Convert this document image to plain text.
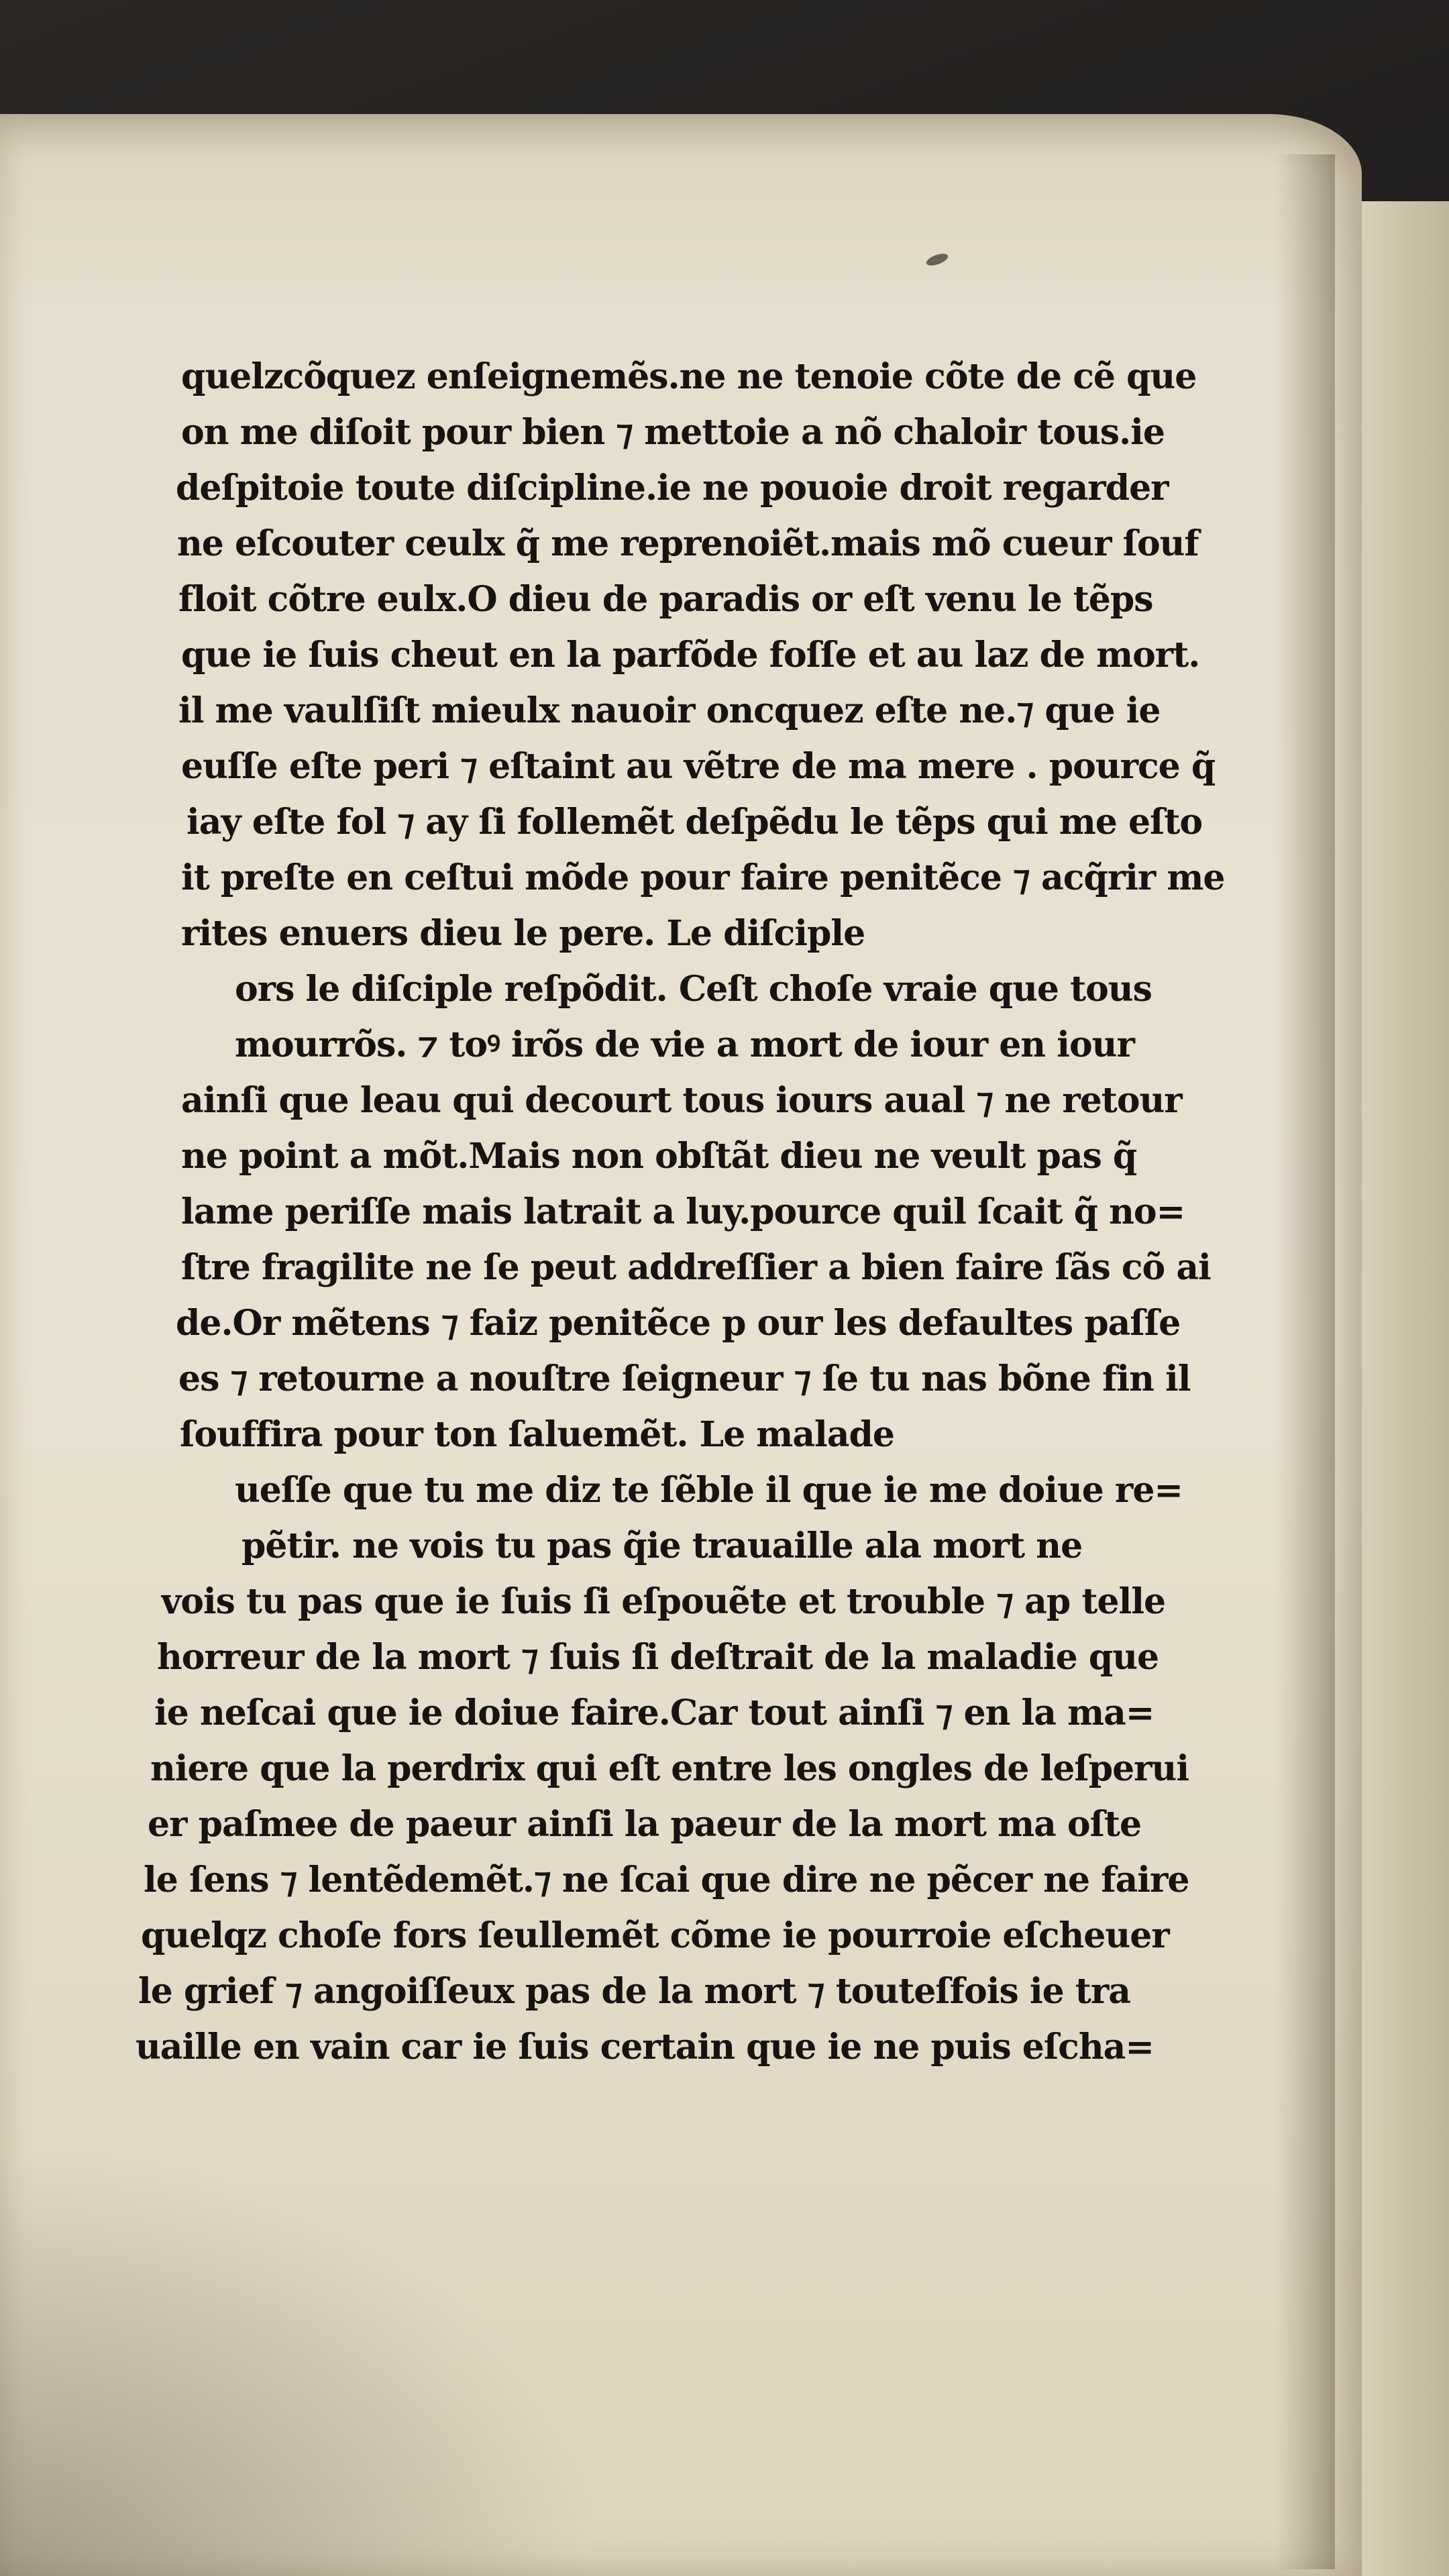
quelzcõquez enſeignemẽs.ne ne tenoie cõte de cẽ que
on me diſoit pour bien ⁊ mettoie a nõ chaloir tous.ie
deſpitoie toute diſcipline.ie ne pouoie droit regarder
ne eſcouter ceulx q̃ me reprenoiẽt.mais mõ cueur ſouf
floit cõtre eulx.O dieu de paradis or eſt venu le tẽps
que ie ſuis cheut en la parfõde foſſe et au laz de mort.
il me vaulſiſt mieulx nauoir oncquez eſte ne.⁊ que ie
euſſe eſte peri ⁊ eſtaint au vẽtre de ma mere . pource q̃
iay eſte fol ⁊ ay ſi follemẽt deſpẽdu le tẽps qui me eſto
it preſte en ceſtui mõde pour faire penitẽce ⁊ acq̃rir me
rites enuers dieu le pere. Le diſciple
ors le diſciple reſpõdit. Ceſt choſe vraie que tous
mourrõs. ⁊ toꝰ irõs de vie a mort de iour en iour
ainſi que leau qui decourt tous iours aual ⁊ ne retour
ne point a mõt.Mais non obſtãt dieu ne veult pas q̃
lame periſſe mais latrait a luy.pource quil ſcait q̃ no=
ſtre fragilite ne ſe peut addreſſier a bien faire ſãs cõ ai
de.Or mẽtens ⁊ faiz penitẽce p our les defaultes paſſe
es ⁊ retourne a nouſtre ſeigneur ⁊ ſe tu nas bõne fin il
ſouffira pour ton ſaluemẽt. Le malade
ueſſe que tu me diz te ſẽble il que ie me doiue re=
pẽtir. ne vois tu pas q̃ie trauaille ala mort ne
vois tu pas que ie ſuis ſi eſpouẽte et trouble ⁊ ap telle
horreur de la mort ⁊ ſuis ſi deſtrait de la maladie que
ie neſcai que ie doiue faire.Car tout ainſi ⁊ en la ma=
niere que la perdrix qui eſt entre les ongles de leſperui
er paſmee de paeur ainſi la paeur de la mort ma oſte
le ſens ⁊ lentẽdemẽt.⁊ ne ſcai que dire ne pẽcer ne faire
quelqz choſe fors ſeullemẽt cõme ie pourroie eſcheuer
le grief ⁊ angoiſſeux pas de la mort ⁊ touteſfois ie tra
uaille en vain car ie ſuis certain que ie ne puis eſcha=
